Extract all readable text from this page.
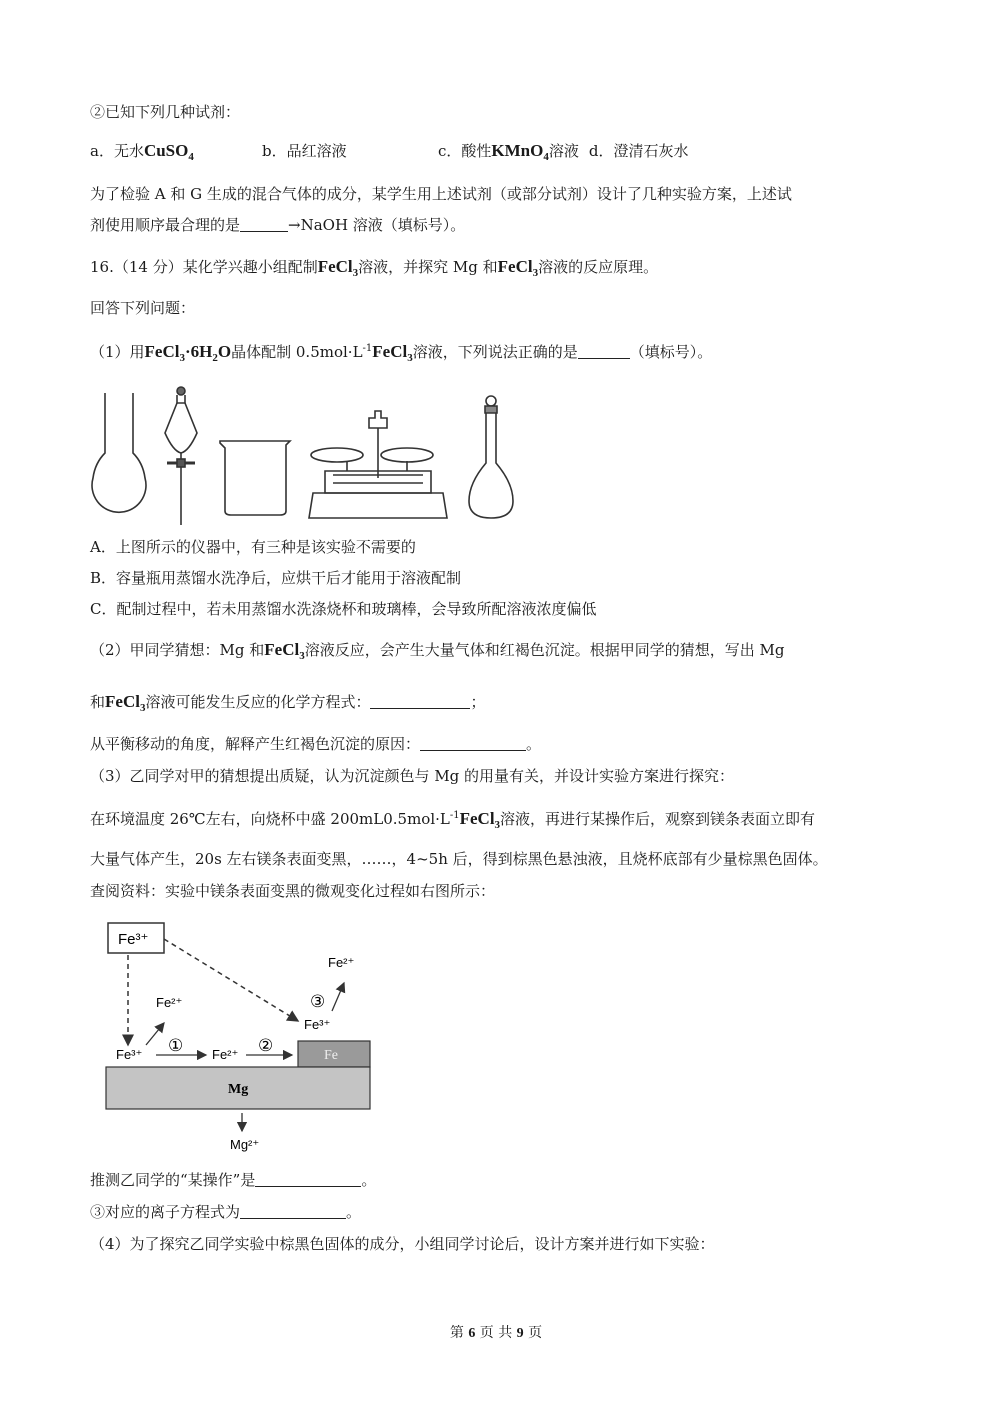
②已知下列几种试剂：
a．无水CuSO$_4$	b．品红溶液	c．酸性KMnO$_4$溶液 d．澄清石灰水
为了检验 A 和 G 生成的混合气体的成分，某学生用上述试剂（或部分试剂）设计了几种实验方案，上述试
剂使用顺序最合理的是	→NaOH 溶液（填标号）。
16.（14 分）某化学兴趣小组配制FeCl$_3$溶液，并探究 Mg 和FeCl$_3$溶液的反应原理。
回答下列问题：
（1）用$FeCl_3\cdot 6H_2O$晶体配制 $0.5mol\cdot L^{-1}FeCl_3$溶液，下列说法正确的是	（填标号）。
A．上图所示的仪器中，有三种是该实验不需要的
B．容量瓶用蒸馏水洗净后，应烘干后才能用于溶液配制
C．配制过程中，若未用蒸馏水洗涤烧杯和玻璃棒，会导致所配溶液浓度偏低
（2）甲同学猜想：Mg 和FeCl$_3$溶液反应，会产生大量气体和红褐色沉淀。根据甲同学的猜想，写出 Mg
和FeCl$_3$溶液可能发生反应的化学方程式：	；
从平衡移动的角度，解释产生红褐色沉淀的原因：	。
（3）乙同学对甲的猜想提出质疑，认为沉淀颜色与 Mg 的用量有关，并设计实验方案进行探究：
在环境温度 26℃左右，向烧杯中盛 $200mL0.5mol\cdot L^{-1}FeCl_3$溶液，再进行某操作后，观察到镁条表面立即有
大量气体产生，20s 左右镁条表面变黑，……，4~5h 后，得到棕黑色悬浊液，且烧杯底部有少量棕黑色固体。
查阅资料：实验中镁条表面变黑的微观变化过程如右图所示：
Fe³⁺
Fe²⁺
③
Fe³⁺
Fe²⁺
Fe³⁺ ① Fe²⁺ ②	Fe
Mg
Mg²⁺
推测乙同学的“某操作”是	。
③对应的离子方程式为	。
（4）为了探究乙同学实验中棕黑色固体的成分，小组同学讨论后，设计方案并进行如下实验：
第 6 页 共 9 页
